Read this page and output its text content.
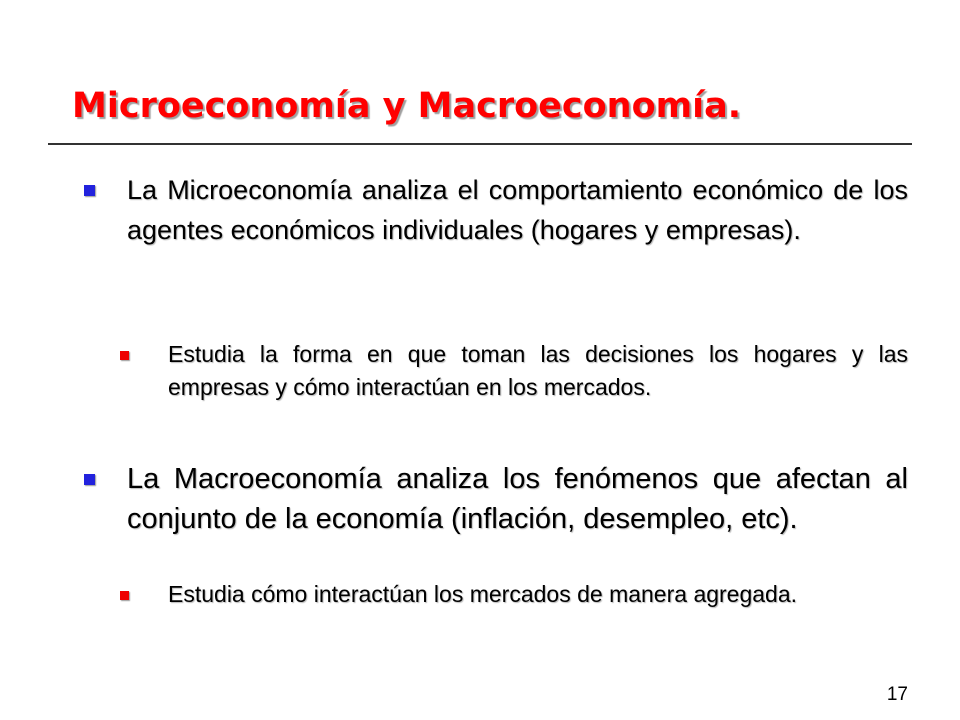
Microeconomía y Macroeconomía.
La Microeconomía analiza el comportamiento económico de los agentes económicos individuales (hogares y empresas).
Estudia la forma en que toman las decisiones los hogares y las empresas y cómo interactúan en los mercados.
La Macroeconomía analiza los fenómenos que afectan al conjunto de la economía (inflación, desempleo, etc).
Estudia cómo interactúan los mercados de manera agregada.
17
